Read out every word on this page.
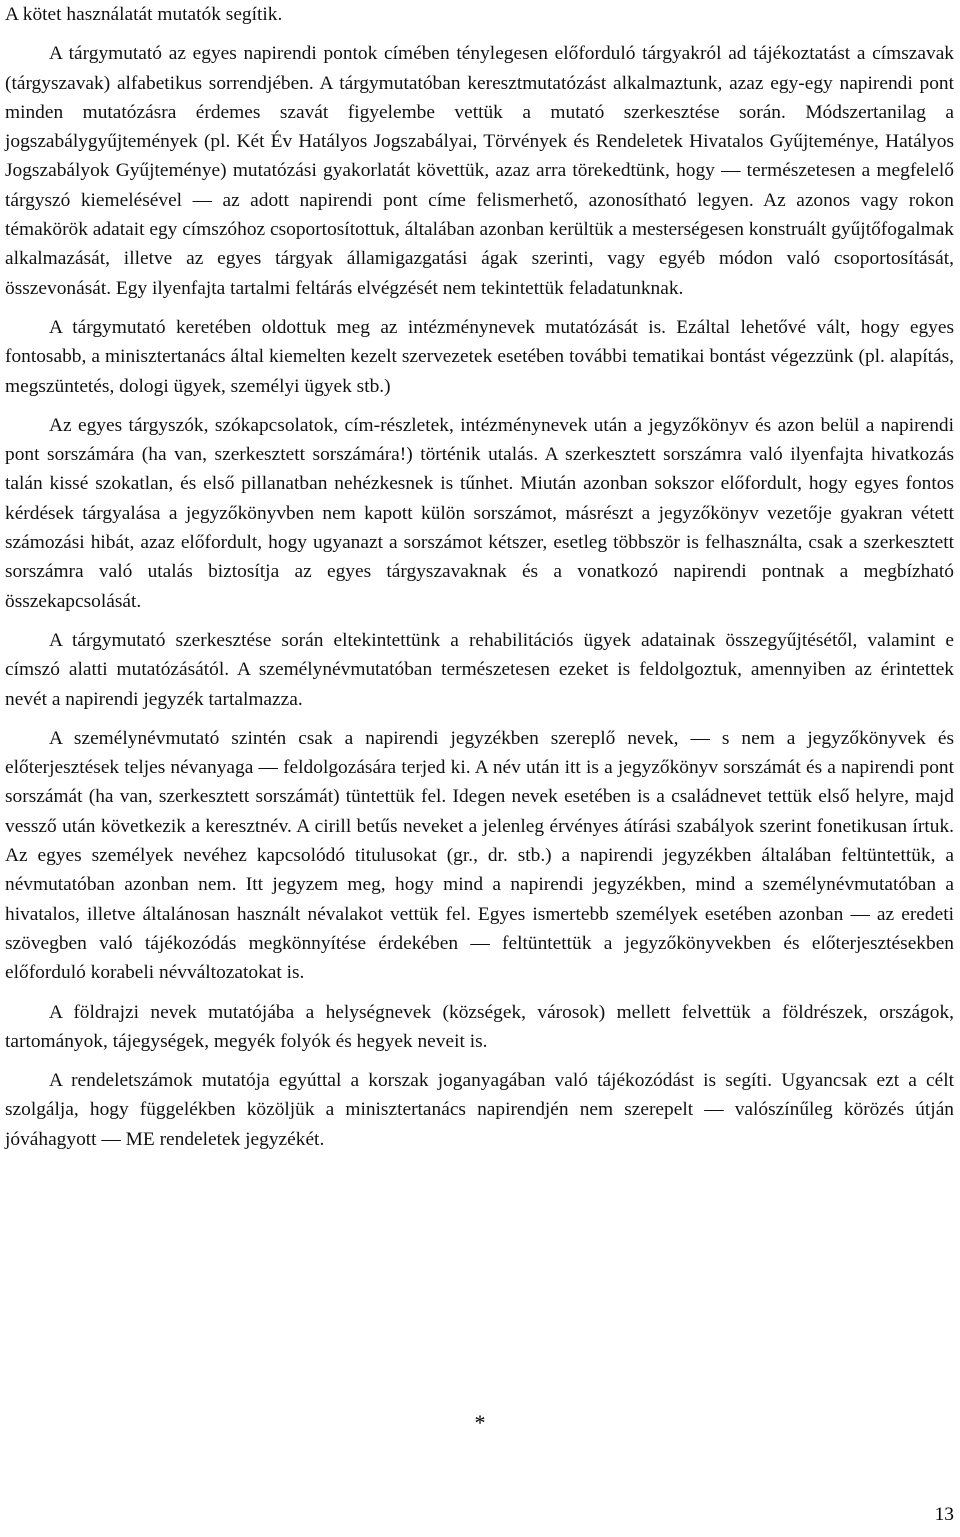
A kötet használatát mutatók segítik.

A tárgymutató az egyes napirendi pontok címében ténylegesen előforduló tárgyakról ad tájékoztatást a címszavak (tárgyszavak) alfabetikus sorrendjében. A tárgymutatóban keresztmutatózást alkalmaztunk, azaz egy-egy napirendi pont minden mutatózásra érdemes szavát figyelembe vettük a mutató szerkesztése során. Módszertanilag a jogszabálygyűjtemények (pl. Két Év Hatályos Jogszabályai, Törvények és Rendeletek Hivatalos Gyűjteménye, Hatályos Jogszabályok Gyűjteménye) mutatózási gyakorlatát követtük, azaz arra törekedtünk, hogy — természetesen a megfelelő tárgyszó kiemelésével — az adott napirendi pont címe felismerhető, azonosítható legyen. Az azonos vagy rokon témakörök adatait egy címszóhoz csoportosítottuk, általában azonban kerültük a mesterségesen konstruált gyűjtőfogalmak alkalmazását, illetve az egyes tárgyak államigazgatási ágak szerinti, vagy egyéb módon való csoportosítását, összevonását. Egy ilyenfajta tartalmi feltárás elvégzését nem tekintettük feladatunknak.

A tárgymutató keretében oldottuk meg az intézménynevek mutatózását is. Ezáltal lehetővé vált, hogy egyes fontosabb, a minisztertanács által kiemelten kezelt szervezetek esetében további tematikai bontást végezzünk (pl. alapítás, megszüntetés, dologi ügyek, személyi ügyek stb.)

Az egyes tárgyszók, szókapcsolatok, cím-részletek, intézménynevek után a jegyzőkönyv és azon belül a napirendi pont sorszámára (ha van, szerkesztett sorszámára!) történik utalás. A szerkesztett sorszámra való ilyenfajta hivatkozás talán kissé szokatlan, és első pillanatban nehézkesnek is tűnhet. Miután azonban sokszor előfordult, hogy egyes fontos kérdések tárgyalása a jegyzőkönyvben nem kapott külön sorszámot, másrészt a jegyzőkönyv vezetője gyakran vétett számozási hibát, azaz előfordult, hogy ugyanazt a sorszámot kétszer, esetleg többször is felhasználta, csak a szerkesztett sorszámra való utalás biztosítja az egyes tárgyszavaknak és a vonatkozó napirendi pontnak a megbízható összekapcsolását.

A tárgymutató szerkesztése során eltekintettünk a rehabilitációs ügyek adatainak összegyűjtésétől, valamint e címszó alatti mutatózásától. A személynévmutatóban természetesen ezeket is feldolgoztuk, amennyiben az érintettek nevét a napirendi jegyzék tartalmazza.

A személynévmutató szintén csak a napirendi jegyzékben szereplő nevek, — s nem a jegyzőkönyvek és előterjesztések teljes névanyaga — feldolgozására terjed ki. A név után itt is a jegyzőkönyv sorszámát és a napirendi pont sorszámát (ha van, szerkesztett sorszámát) tüntettük fel. Idegen nevek esetében is a családnevet tettük első helyre, majd vessző után következik a keresztnév. A cirill betűs neveket a jelenleg érvényes átírási szabályok szerint fonetikusan írtuk. Az egyes személyek nevéhez kapcsolódó titulusokat (gr., dr. stb.) a napirendi jegyzékben általában feltüntettük, a névmutatóban azonban nem. Itt jegyzem meg, hogy mind a napirendi jegyzékben, mind a személynévmutatóban a hivatalos, illetve általánosan használt névalakot vettük fel. Egyes ismertebb személyek esetében azonban — az eredeti szövegben való tájékozódás megkönnyítése érdekében — feltüntettük a jegyzőkönyvekben és előterjesztésekben előforduló korabeli névváltozatokat is.

A földrajzi nevek mutatójába a helységnevek (községek, városok) mellett felvettük a földrészek, országok, tartományok, tájegységek, megyék folyók és hegyek neveit is.

A rendeletszámok mutatója egyúttal a korszak joganyagában való tájékozódást is segíti. Ugyancsak ezt a célt szolgálja, hogy függelékben közöljük a minisztertanács napirendjén nem szerepelt — valószínűleg körözés útján jóváhagyott — ME rendeletek jegyzékét.

*
13
